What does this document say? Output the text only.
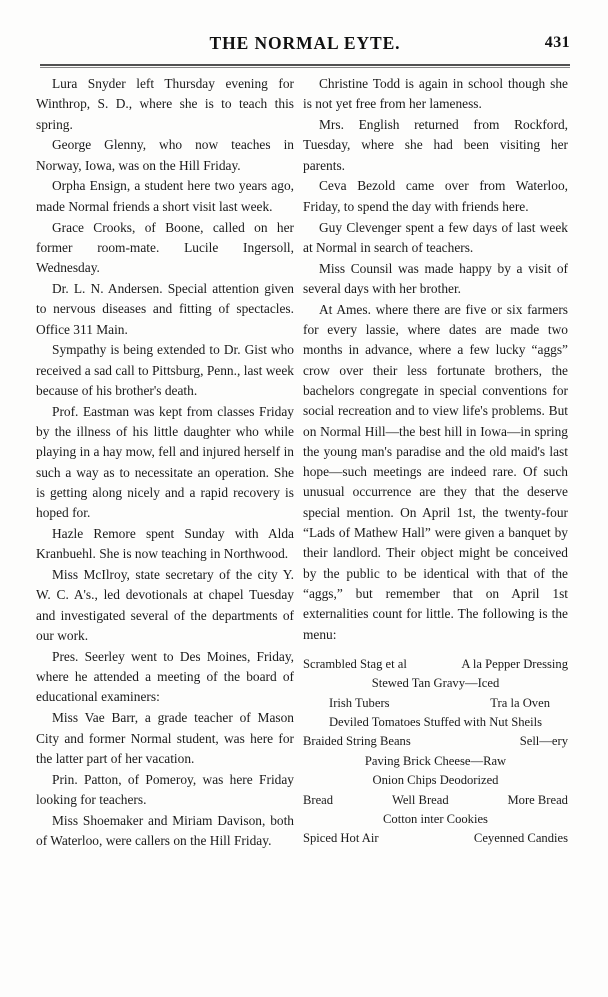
THE NORMAL EYTE.	431

Lura Snyder left Thursday evening for Winthrop, S. D., where she is to teach this spring.

George Glenny, who now teaches in Norway, Iowa, was on the Hill Friday.

Orpha Ensign, a student here two years ago, made Normal friends a short visit last week.

Grace Crooks, of Boone, called on her former room-mate. Lucile Ingersoll, Wednesday.

Dr. L. N. Andersen. Special attention given to nervous diseases and fitting of spectacles. Office 311 Main.

Sympathy is being extended to Dr. Gist who received a sad call to Pittsburg, Penn., last week because of his brother's death.

Prof. Eastman was kept from classes Friday by the illness of his little daughter who while playing in a hay mow, fell and injured herself in such a way as to necessitate an operation. She is getting along nicely and a rapid recovery is hoped for.

Hazle Remore spent Sunday with Alda Kranbuehl. She is now teaching in Northwood.

Miss McIlroy, state secretary of the city Y. W. C. A's., led devotionals at chapel Tuesday and investigated several of the departments of our work.

Pres. Seerley went to Des Moines, Friday, where he attended a meeting of the board of educational examiners:

Miss Vae Barr, a grade teacher of Mason City and former Normal student, was here for the latter part of her vacation.

Prin. Patton, of Pomeroy, was here Friday looking for teachers.

Miss Shoemaker and Miriam Davison, both of Waterloo, were callers on the Hill Friday.

Christine Todd is again in school though she is not yet free from her lameness.

Mrs. English returned from Rockford, Tuesday, where she had been visiting her parents.

Ceva Bezold came over from Waterloo, Friday, to spend the day with friends here.

Guy Clevenger spent a few days of last week at Normal in search of teachers.

Miss Counsil was made happy by a visit of several days with her brother.

At Ames. where there are five or six farmers for every lassie, where dates are made two months in advance, where a few lucky “aggs” crow over their less fortunate brothers, the bachelors congregate in special conventions for social recreation and to view life's problems. But on Normal Hill—the best hill in Iowa—in spring the young man's paradise and the old maid's last hope—such meetings are indeed rare. Of such unusual occurrence are they that the deserve special mention. On April 1st, the twenty-four “Lads of Mathew Hall” were given a banquet by their landlord. Their object might be conceived by the public to be identical with that of the “aggs,” but remember that on April 1st externalities count for little. The following is the menu:

Scrambled Stag et al	A la Pepper Dressing
Stewed Tan Gravy—Iced
Irish Tubers	Tra la Oven
Deviled Tomatoes Stuffed with Nut Sheils
Braided String Beans	Sell—ery
Paving Brick Cheese—Raw
Onion Chips Deodorized
Bread	Well Bread	More Bread
Cotton inter Cookies
Spiced Hot Air	Ceyenned Candies
